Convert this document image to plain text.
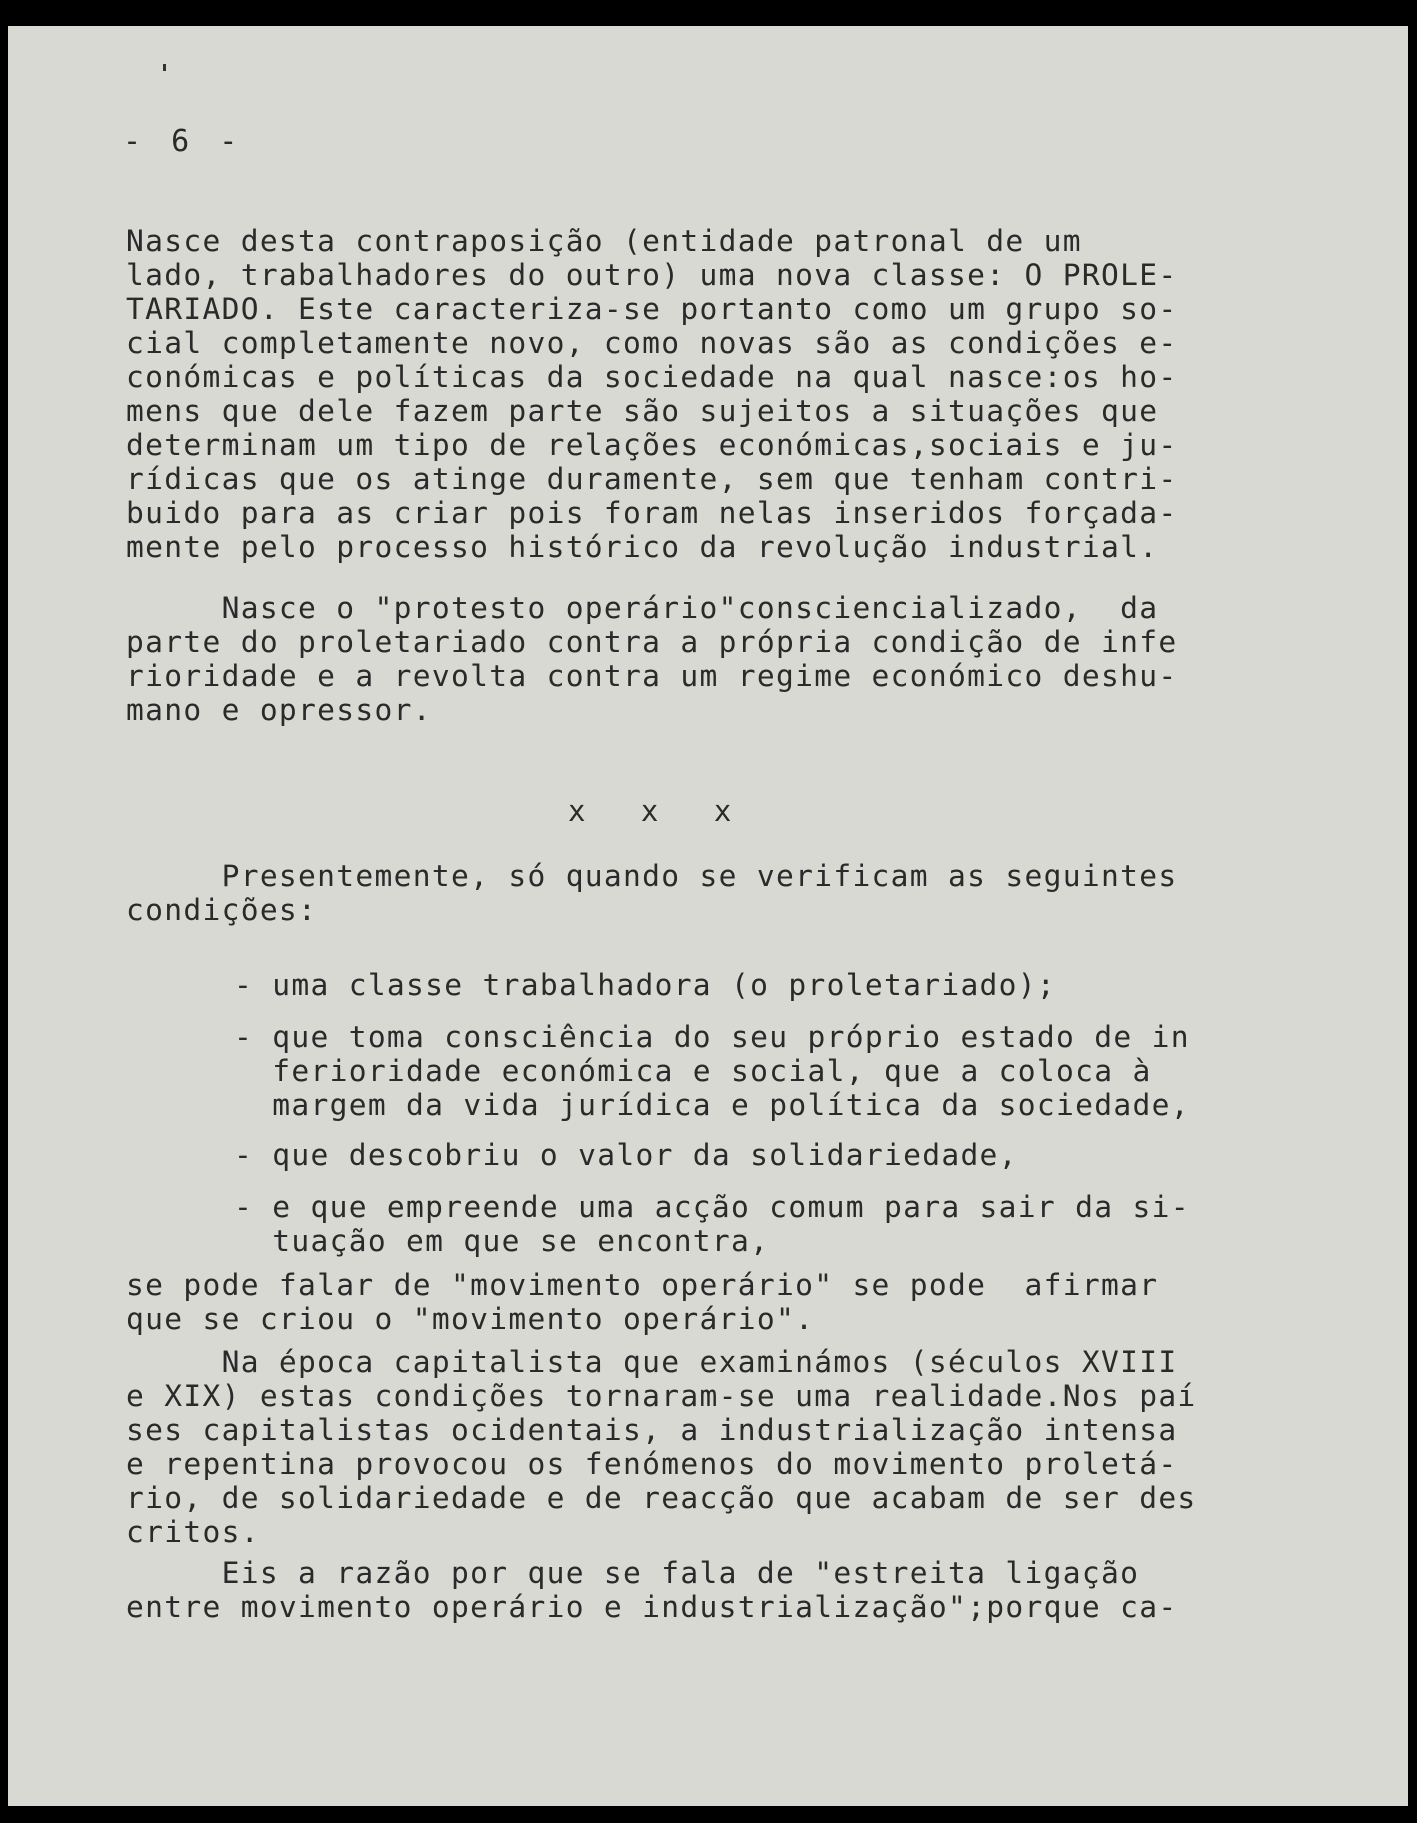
- 6 -
Nasce desta contraposição (entidade patronal de um
lado, trabalhadores do outro) uma nova classe: O PROLE-
TARIADO. Este caracteriza-se portanto como um grupo so-
cial completamente novo, como novas são as condições e-
conómicas e políticas da sociedade na qual nasce:os ho-
mens que dele fazem parte são sujeitos a situações que
determinam um tipo de relações económicas,sociais e ju-
rídicas que os atinge duramente, sem que tenham contri-
buido para as criar pois foram nelas inseridos forçada-
mente pelo processo histórico da revolução industrial.
Nasce o "protesto operário"consciencializado,  da
parte do proletariado contra a própria condição de infe
rioridade e a revolta contra um regime económico deshu-
mano e opressor.
x x x
Presentemente, só quando se verificam as seguintes
condições:
- uma classe trabalhadora (o proletariado);
- que toma consciência do seu próprio estado de in
ferioridade económica e social, que a coloca à
margem da vida jurídica e política da sociedade,
- que descobriu o valor da solidariedade,
- e que empreende uma acção comum para sair da si-
tuação em que se encontra,
se pode falar de "movimento operário" se pode  afirmar
que se criou o "movimento operário".
Na época capitalista que examinámos (séculos XVIII
e XIX) estas condições tornaram-se uma realidade.Nos paí
ses capitalistas ocidentais, a industrialização intensa
e repentina provocou os fenómenos do movimento proletá-
rio, de solidariedade e de reacção que acabam de ser des
critos.
Eis a razão por que se fala de "estreita ligação
entre movimento operário e industrialização";porque ca-
